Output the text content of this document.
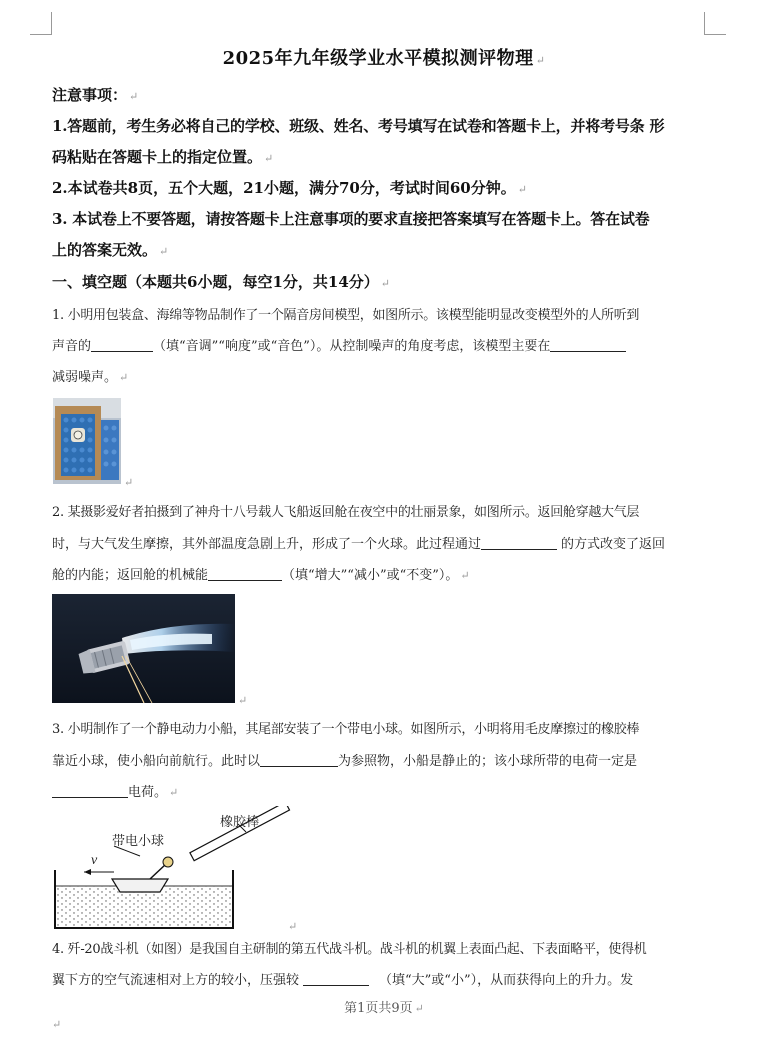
2025年九年级学业水平模拟测评物理 ↵
注意事项： ↵
1.答题前，考生务必将自己的学校、班级、姓名、考号填写在试卷和答题卡上，并将考号条 形
码粘贴在答题卡上的指定位置。 ↵
2.本试卷共8页，五个大题，21小题，满分70分，考试时间60分钟。 ↵
3. 本试卷上不要答题，请按答题卡上注意事项的要求直接把答案填写在答题卡上。答在试卷
上的答案无效。 ↵
一、填空题（本题共6小题，每空1分，共14分） ↵
1. 小明用包装盒、海绵等物品制作了一个隔音房间模型，如图所示。该模型能明显改变模型外的人所听到
声音的	（填“音调”“响度”或“音色”）。从控制噪声的角度考虑，该模型主要在
减弱噪声。 ↵
↵
2. 某摄影爱好者拍摄到了神舟十八号载人飞船返回舱在夜空中的壮丽景象，如图所示。返回舱穿越大气层
时，与大气发生摩擦，其外部温度急剧上升，形成了一个火球。此过程通过	的方式改变了返回
舱的内能；返回舱的机械能	（填“增大”“减小”或“不变”）。 ↵
↵
3. 小明制作了一个静电动力小船，其尾部安装了一个带电小球。如图所示，小明将用毛皮摩擦过的橡胶棒
靠近小球，使小船向前航行。此时以	为参照物，小船是静止的；该小球所带的电荷一定是
电荷。 ↵
带电小球
橡胶棒
v
↵
4. 歼-20战斗机（如图）是我国自主研制的第五代战斗机。战斗机的机翼上表面凸起、下表面略平，使得机
翼下方的空气流速相对上方的较小，压强较	（填“大”或“小”），从而获得向上的升力。发
第1页共9页 ↵
↵
